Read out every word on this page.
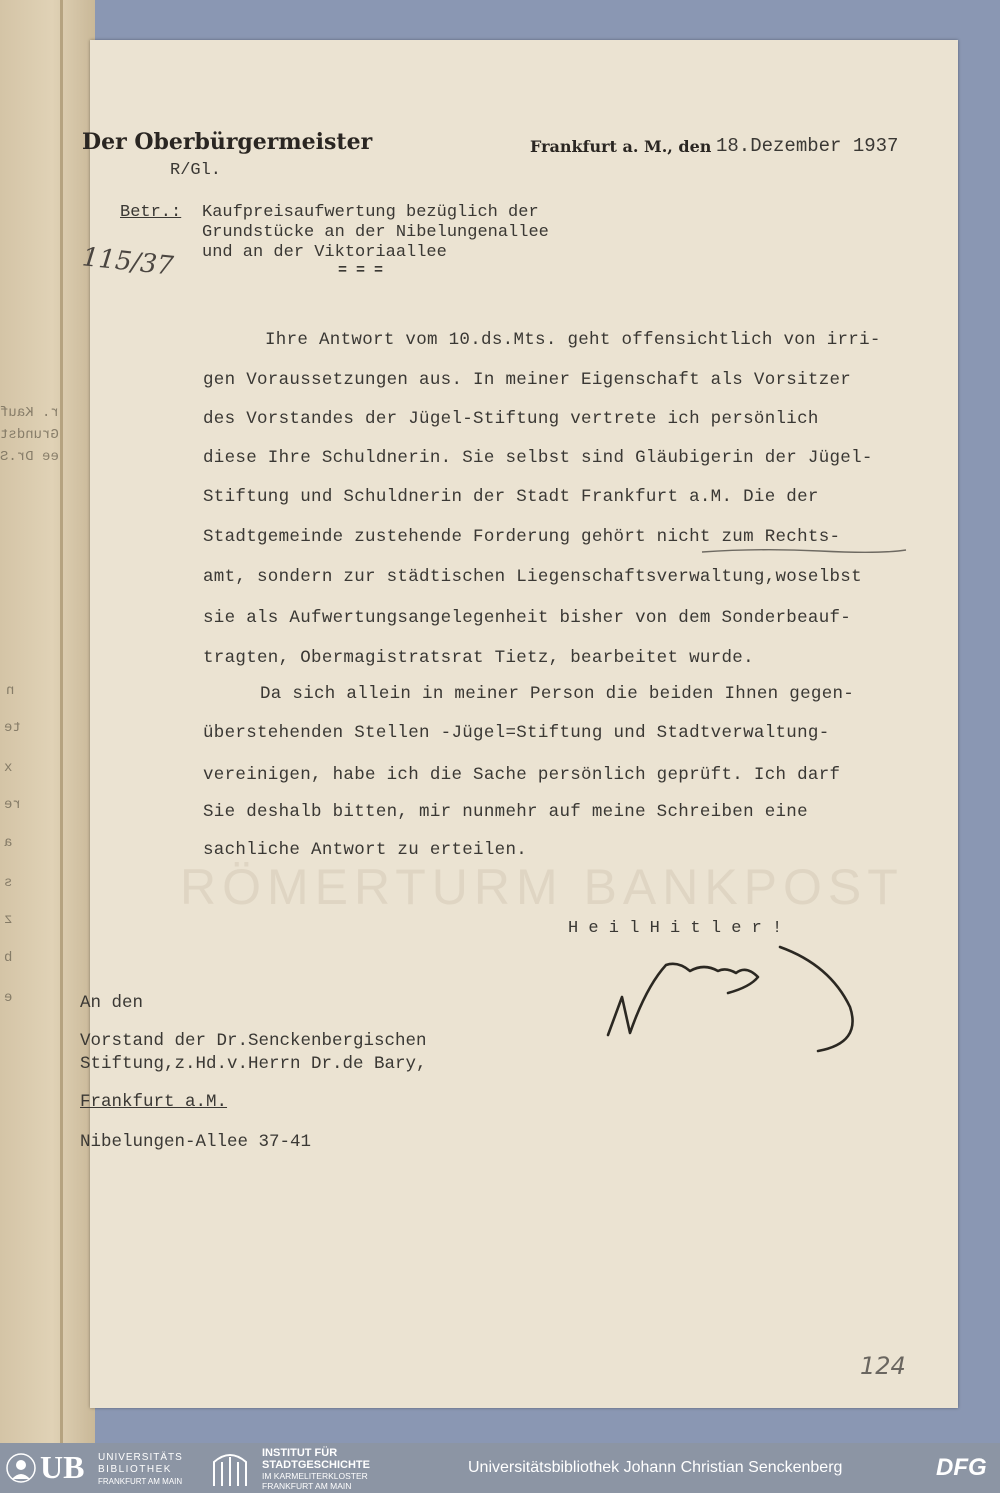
r. Kauf
Grundst
ee Dr.S
n
te
x
re
a
s
z
b
e
RÖMERTURM BANKPOST
Der Oberbürgermeister
R/Gl.
Frankfurt a. M., den 18.Dezember 1937
Betr.: Kaufpreisaufwertung bezüglich der
Grundstücke an der Nibelungenallee
und an der Viktoriaallee
= = =
115/37
Ihre Antwort vom 10.ds.Mts. geht offensichtlich von irri-
gen Voraussetzungen aus. In meiner Eigenschaft als Vorsitzer
des Vorstandes der Jügel-Stiftung vertrete ich persönlich
diese Ihre Schuldnerin. Sie selbst sind Gläubigerin der Jügel-
Stiftung und Schuldnerin der Stadt Frankfurt a.M. Die der
Stadtgemeinde zustehende Forderung gehört nicht zum Rechts-
amt, sondern zur städtischen Liegenschaftsverwaltung,woselbst
sie als Aufwertungsangelegenheit bisher von dem Sonderbeauf-
tragten, Obermagistratsrat Tietz, bearbeitet wurde.
Da sich allein in meiner Person die beiden Ihnen gegen-
überstehenden Stellen -Jügel=Stiftung und Stadtverwaltung-
vereinigen, habe ich die Sache persönlich geprüft. Ich darf
Sie deshalb bitten, mir nunmehr auf meine Schreiben eine
sachliche Antwort zu erteilen.
H e i l H i t l e r !
An den
Vorstand der Dr.Senckenbergischen
Stiftung,z.Hd.v.Herrn Dr.de Bary,
Frankfurt a.M.
Nibelungen-Allee 37-41
124
UB UNIVERSITÄTS
BIBLIOTHEK
FRANKFURT AM MAIN
INSTITUT FÜR
STADTGESCHICHTE
IM KARMELITERKLOSTER
FRANKFURT AM MAIN
Universitätsbibliothek Johann Christian Senckenberg	DFG
